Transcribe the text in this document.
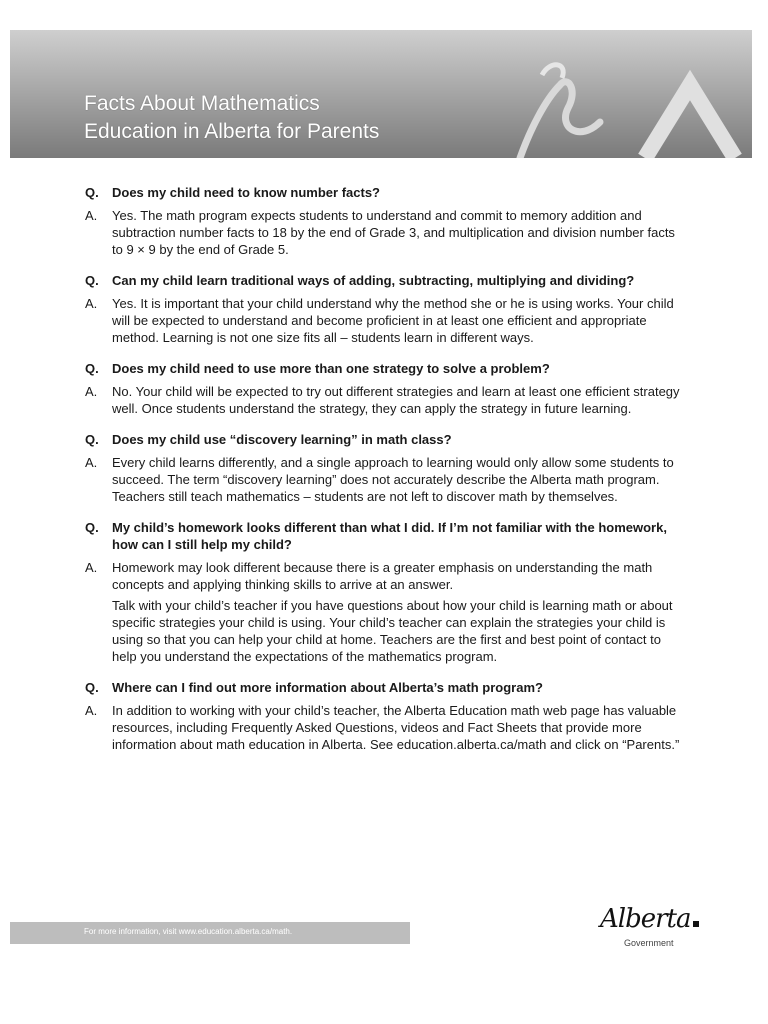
Facts About Mathematics
Education in Alberta for Parents
Q.	Does my child need to know number facts?
A.	Yes. The math program expects students to understand and commit to memory addition and subtraction number facts to 18 by the end of Grade 3, and multiplication and division number facts to 9 × 9 by the end of Grade 5.
Q.	Can my child learn traditional ways of adding, subtracting, multiplying and dividing?
A.	Yes. It is important that your child understand why the method she or he is using works. Your child will be expected to understand and become proficient in at least one efficient and appropriate method. Learning is not one size fits all – students learn in different ways.
Q.	Does my child need to use more than one strategy to solve a problem?
A.	No. Your child will be expected to try out different strategies and learn at least one efficient strategy well. Once students understand the strategy, they can apply the strategy in future learning.
Q.	Does my child use “discovery learning” in math class?
A.	Every child learns differently, and a single approach to learning would only allow some students to succeed. The term “discovery learning” does not accurately describe the Alberta math program. Teachers still teach mathematics – students are not left to discover math by themselves.
Q.	My child’s homework looks different than what I did. If I’m not familiar with the homework, how can I still help my child?
A.	Homework may look different because there is a greater emphasis on understanding the math concepts and applying thinking skills to arrive at an answer.
Talk with your child’s teacher if you have questions about how your child is learning math or about specific strategies your child is using. Your child’s teacher can explain the strategies your child is using so that you can help your child at home. Teachers are the first and best point of contact to help you understand the expectations of the mathematics program.
Q.	Where can I find out more information about Alberta’s math program?
A.	In addition to working with your child’s teacher, the Alberta Education math web page has valuable resources, including Frequently Asked Questions, videos and Fact Sheets that provide more information about math education in Alberta. See education.alberta.ca/math and click on “Parents.”
For more information, visit www.education.alberta.ca/math.	Alberta
Government
